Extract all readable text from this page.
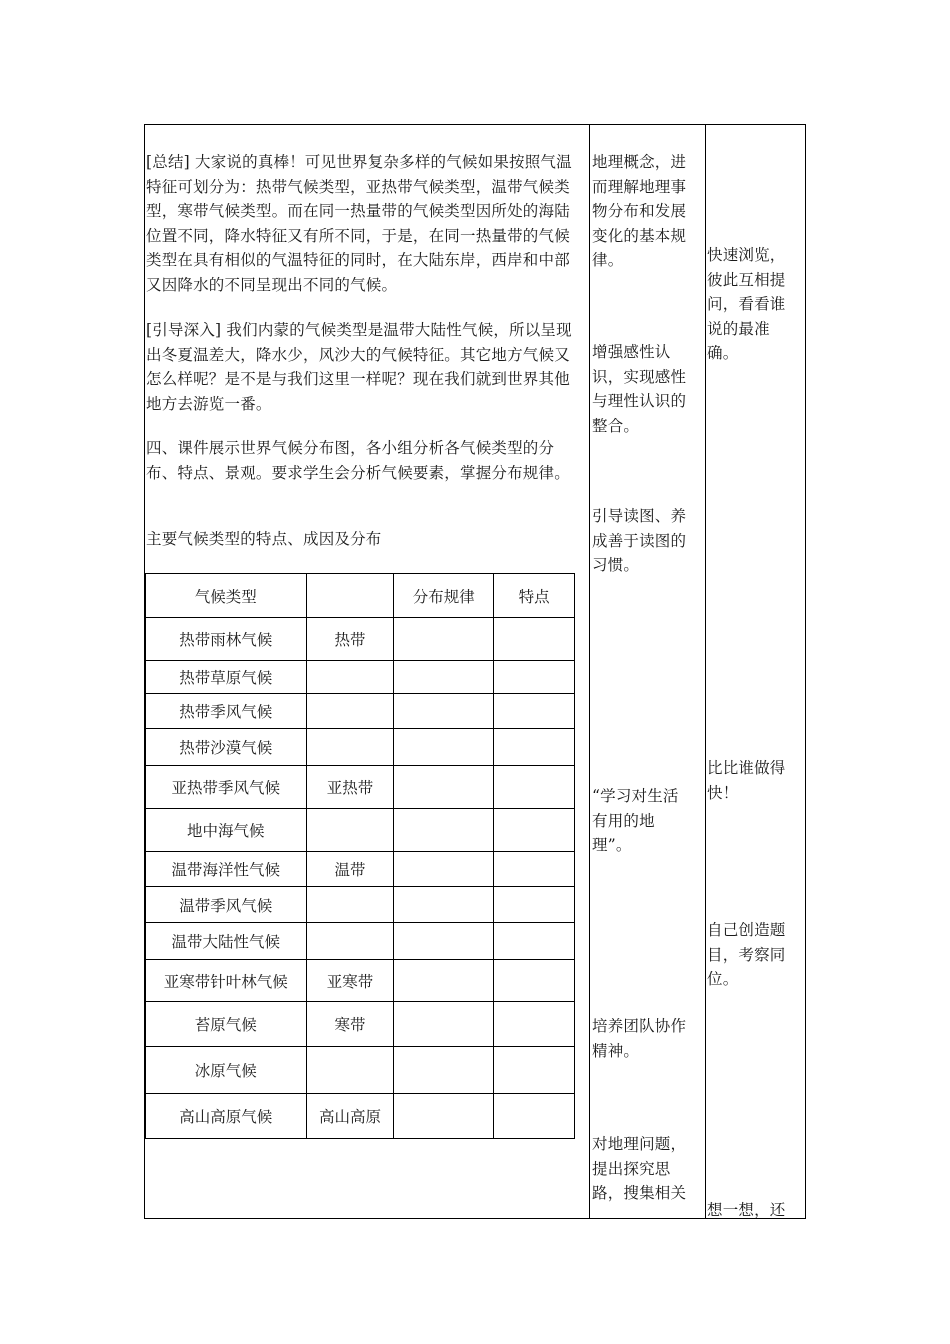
[总结] 大家说的真棒！可见世界复杂多样的气候如果按照气温特征可划分为：热带气候类型，亚热带气候类型，温带气候类型，寒带气候类型。而在同一热量带的气候类型因所处的海陆位置不同，降水特征又有所不同，于是，在同一热量带的气候类型在具有相似的气温特征的同时，在大陆东岸，西岸和中部又因降水的不同呈现出不同的气候。

[引导深入] 我们内蒙的气候类型是温带大陆性气候，所以呈现出冬夏温差大，降水少，风沙大的气候特征。其它地方气候又怎么样呢？是不是与我们这里一样呢？现在我们就到世界其他地方去游览一番。

四、课件展示世界气候分布图，各小组分析各气候类型的分布、特点、景观。要求学生会分析气候要素，掌握分布规律。

主要气候类型的特点、成因及分布

气候类型		分布规律	特点
热带雨林气候	热带		
热带草原气候			
热带季风气候			
热带沙漠气候			
亚热带季风气候	亚热带		
地中海气候			
温带海洋性气候	温带		
温带季风气候			
温带大陆性气候			
亚寒带针叶林气候	亚寒带		
苔原气候	寒带		
冰原气候			
高山高原气候	高山高原		

地理概念，进

而理解地理事

物分布和发展

变化的基本规

律。

增强感性认

识，实现感性

与理性认识的

整合。

引导读图、养

成善于读图的

习惯。

“学习对生活

有用的地

理”。

培养团队协作

精神。

对地理问题，

提出探究思

路，搜集相关

快速浏览，

彼此互相提

问，看看谁

说的最准

确。

比比谁做得

快！

自己创造题

目，考察同

位。

想一想，还
